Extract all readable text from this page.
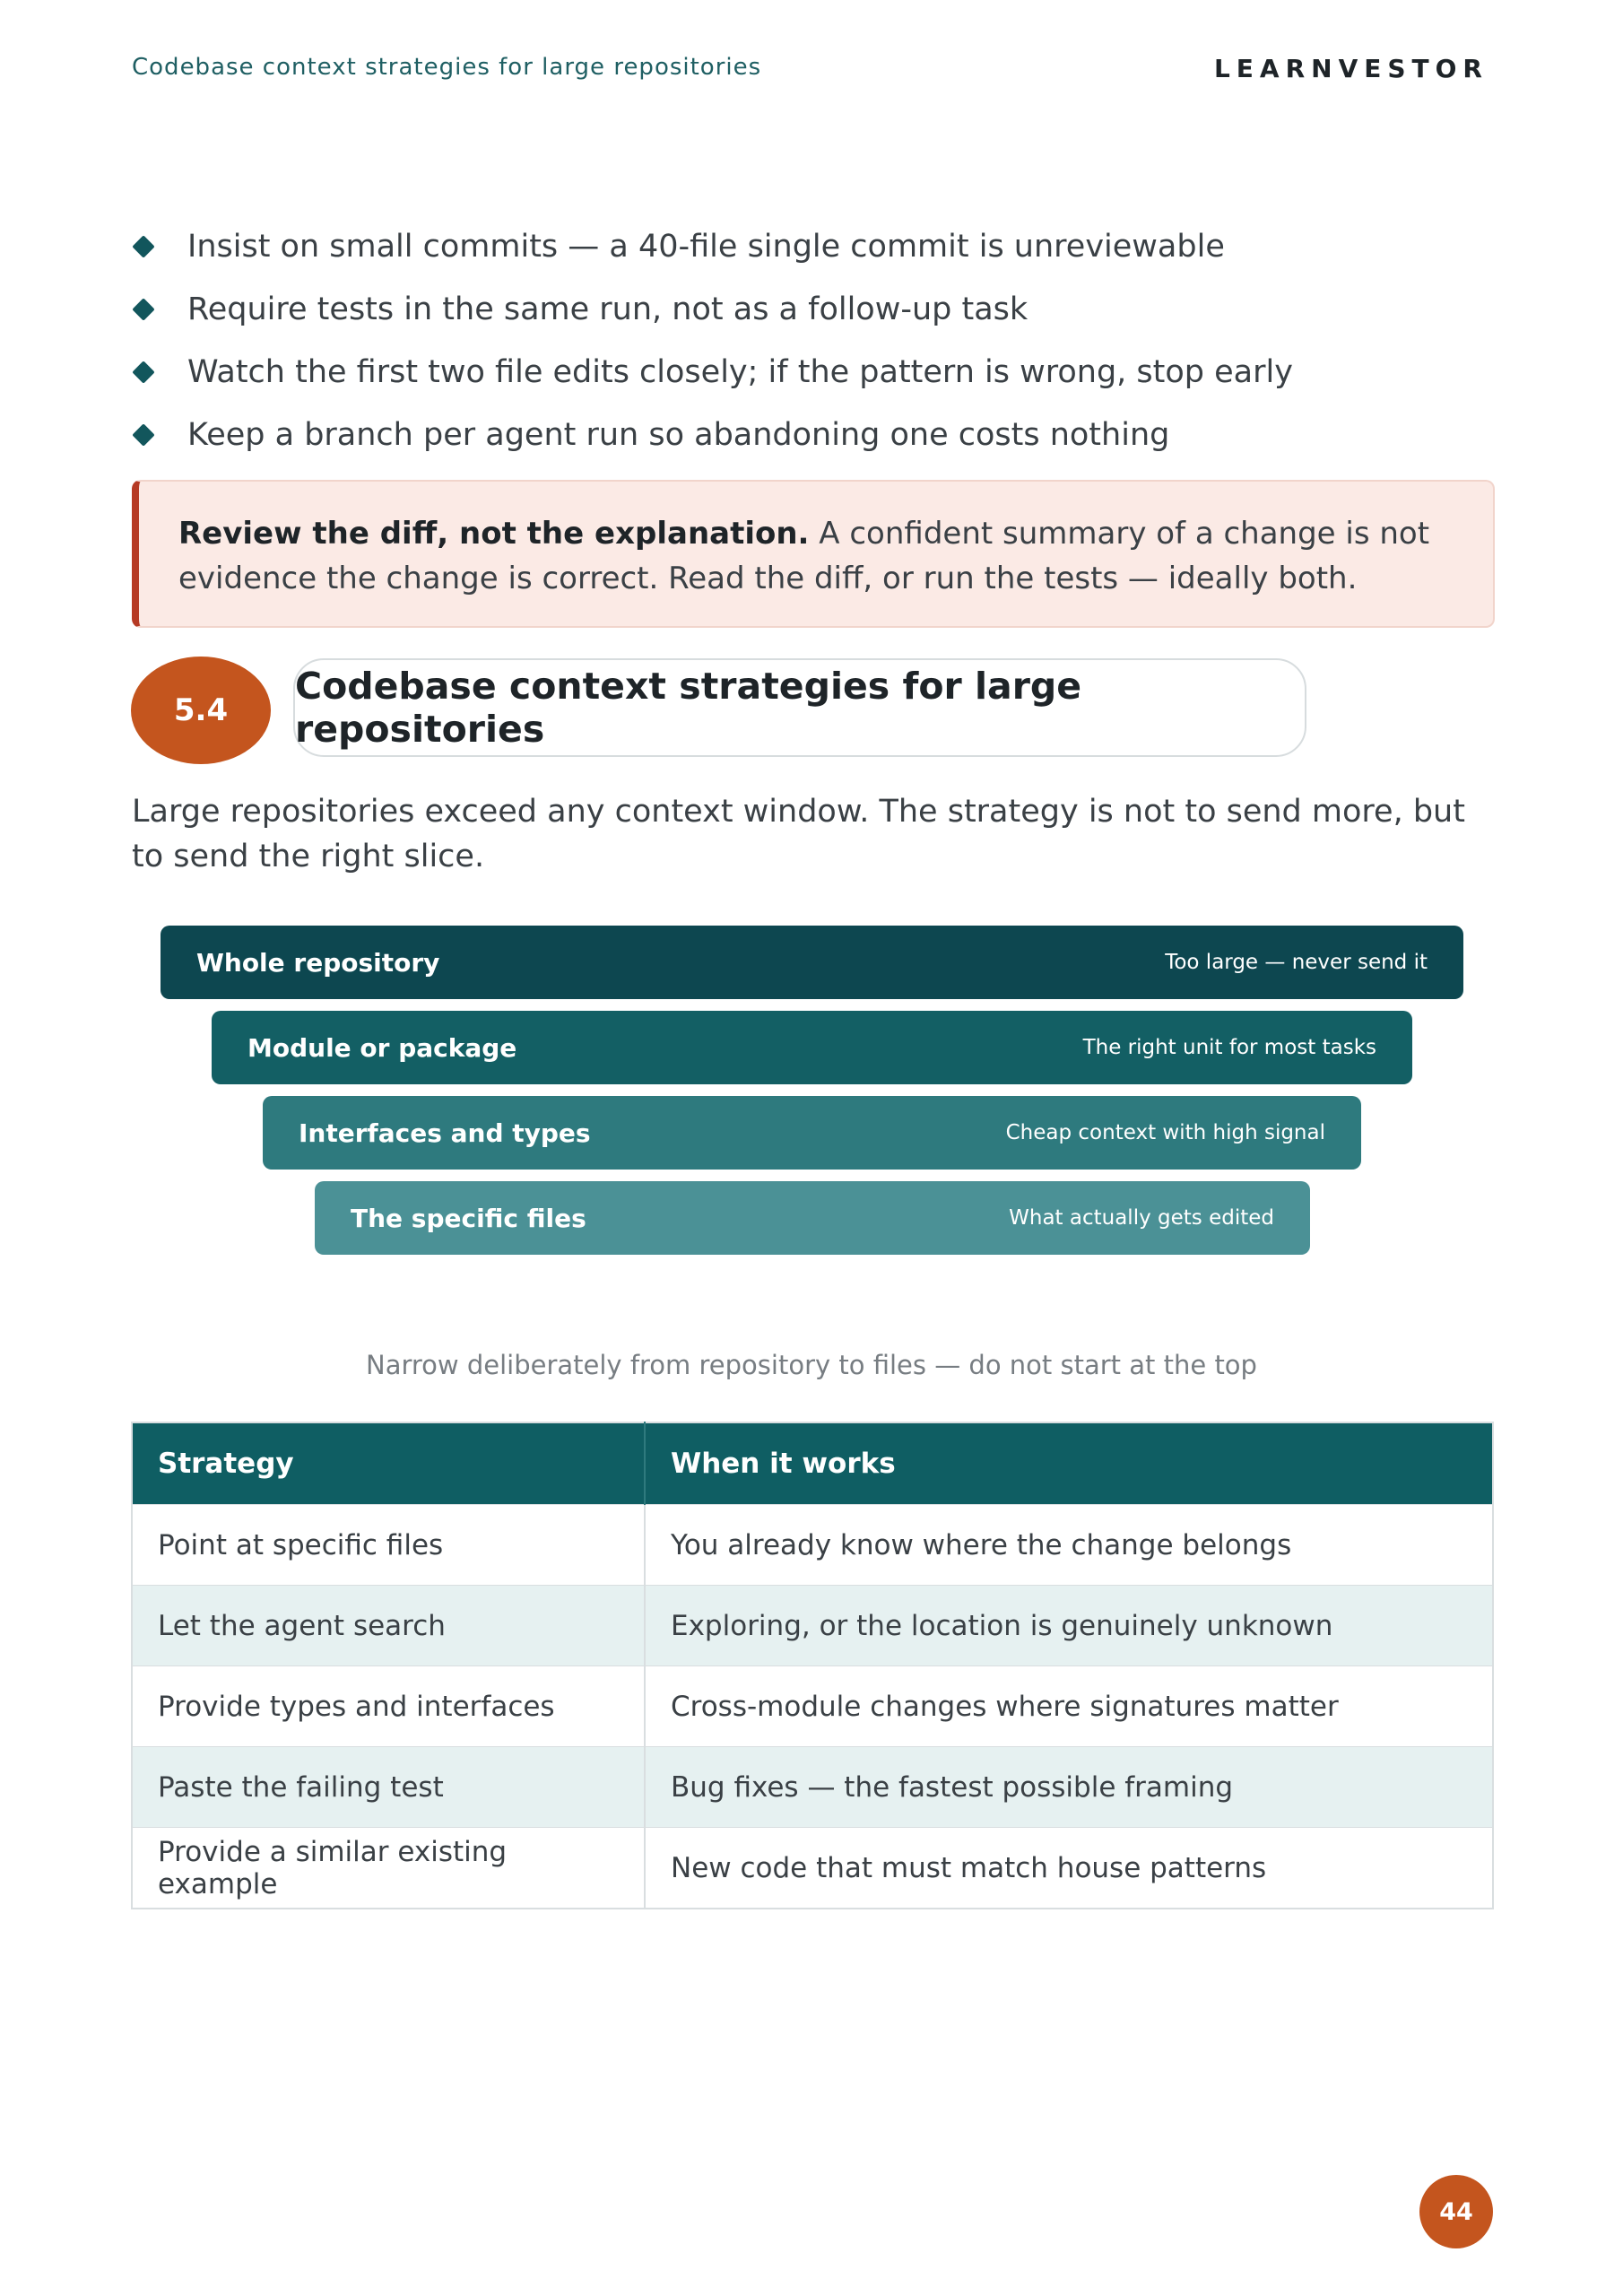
Codebase context strategies for large repositories	LEARNVESTOR
Insist on small commits — a 40-file single commit is unreviewable
Require tests in the same run, not as a follow-up task
Watch the first two file edits closely; if the pattern is wrong, stop early
Keep a branch per agent run so abandoning one costs nothing
Review the diff, not the explanation. A confident summary of a change is not evidence the change is correct. Read the diff, or run the tests — ideally both.
5.4
Codebase context strategies for large repositories
Large repositories exceed any context window. The strategy is not to send more, but to send the right slice.
Whole repository	Too large — never send it
Module or package	The right unit for most tasks
Interfaces and types	Cheap context with high signal
The specific files	What actually gets edited
Narrow deliberately from repository to files — do not start at the top
Strategy	When it works
Point at specific files	You already know where the change belongs
Let the agent search	Exploring, or the location is genuinely unknown
Provide types and interfaces	Cross-module changes where signatures matter
Paste the failing test	Bug fixes — the fastest possible framing
Provide a similar existing example	New code that must match house patterns
44
